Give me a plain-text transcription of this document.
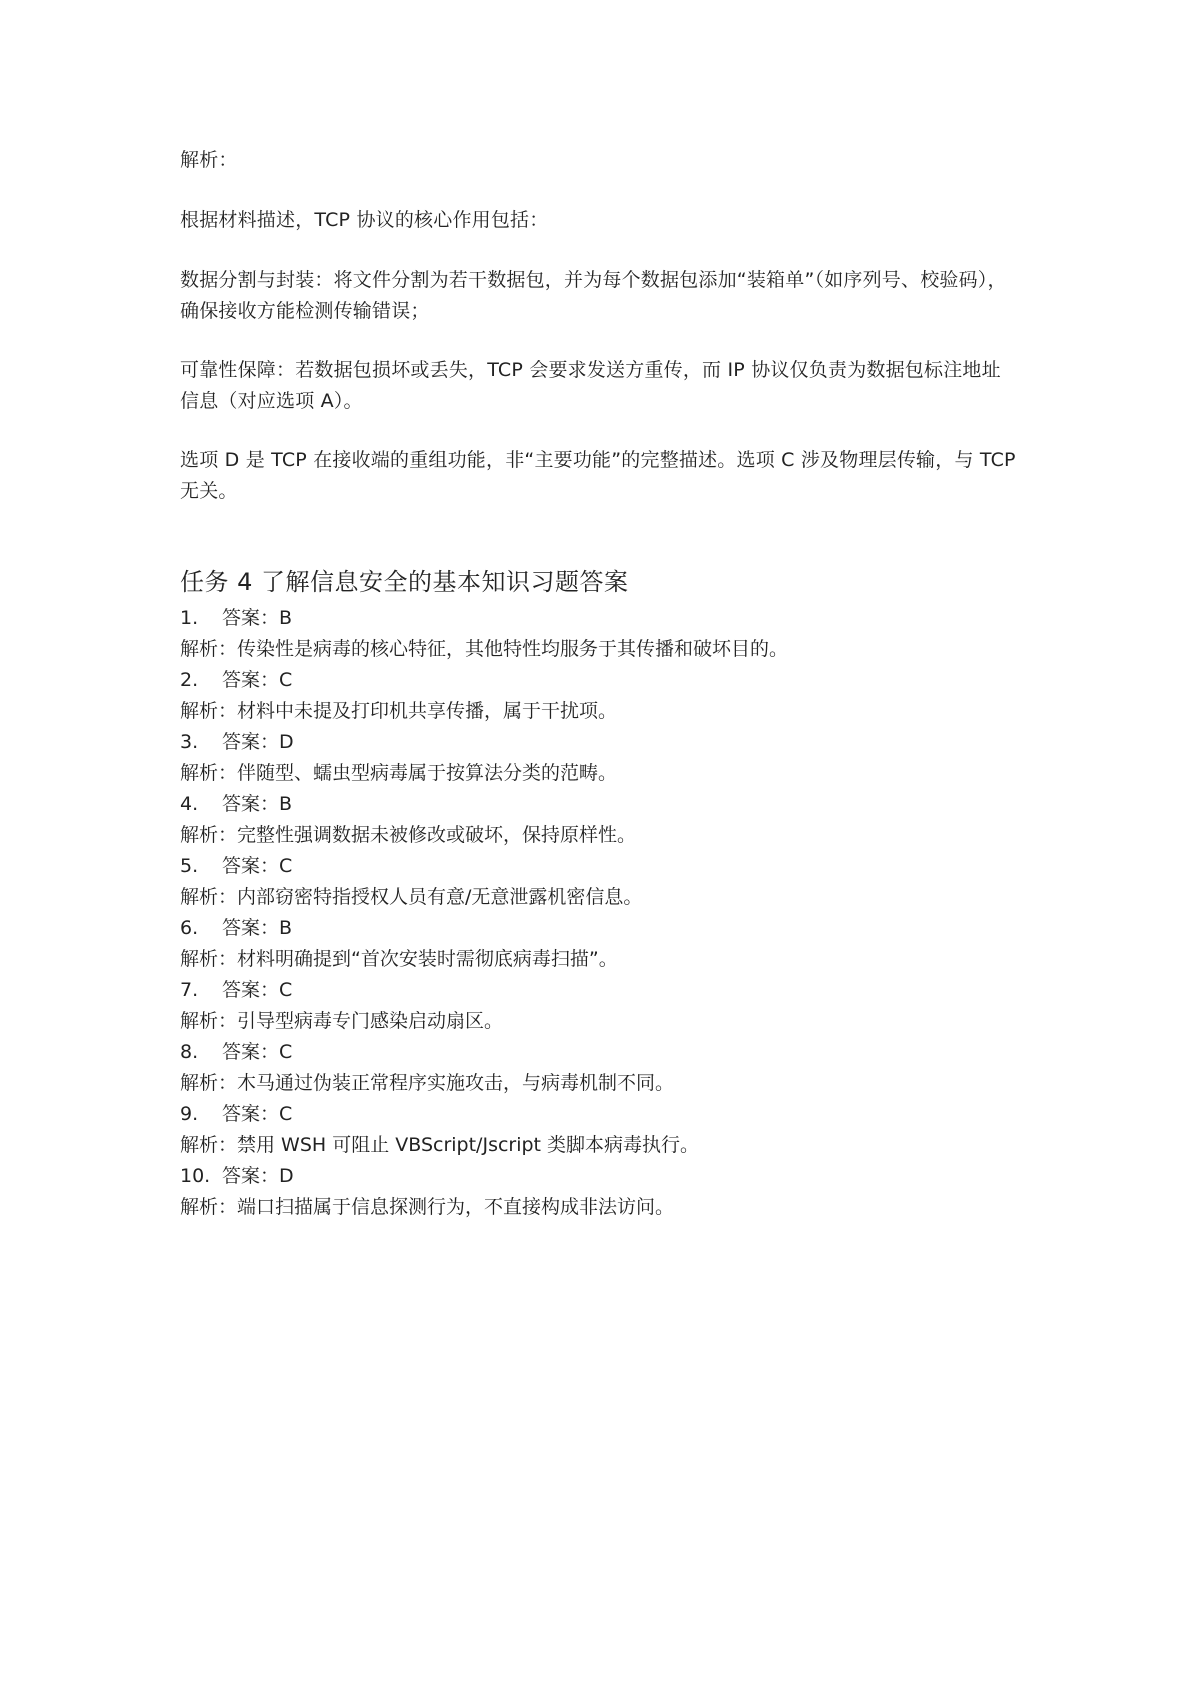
解析：

根据材料描述，TCP 协议的核心作用包括：

数据分割与封装：将文件分割为若干数据包，并为每个数据包添加“装箱单”（如序列号、校验码），确保接收方能检测传输错误；

可靠性保障：若数据包损坏或丢失，TCP 会要求发送方重传，而 IP 协议仅负责为数据包标注地址信息（对应选项 A）。

选项 D 是 TCP 在接收端的重组功能，非“主要功能”的完整描述。选项 C 涉及物理层传输，与 TCP 无关。

任务 4 了解信息安全的基本知识习题答案
1. 答案：B
解析：传染性是病毒的核心特征，其他特性均服务于其传播和破坏目的。
2. 答案：C
解析：材料中未提及打印机共享传播，属于干扰项。
3. 答案：D
解析：伴随型、蠕虫型病毒属于按算法分类的范畴。
4. 答案：B
解析：完整性强调数据未被修改或破坏，保持原样性。
5. 答案：C
解析：内部窃密特指授权人员有意/无意泄露机密信息。
6. 答案：B
解析：材料明确提到“首次安装时需彻底病毒扫描”。
7. 答案：C
解析：引导型病毒专门感染启动扇区。
8. 答案：C
解析：木马通过伪装正常程序实施攻击，与病毒机制不同。
9. 答案：C
解析：禁用 WSH 可阻止 VBScript/Jscript 类脚本病毒执行。
10. 答案：D
解析：端口扫描属于信息探测行为，不直接构成非法访问。
